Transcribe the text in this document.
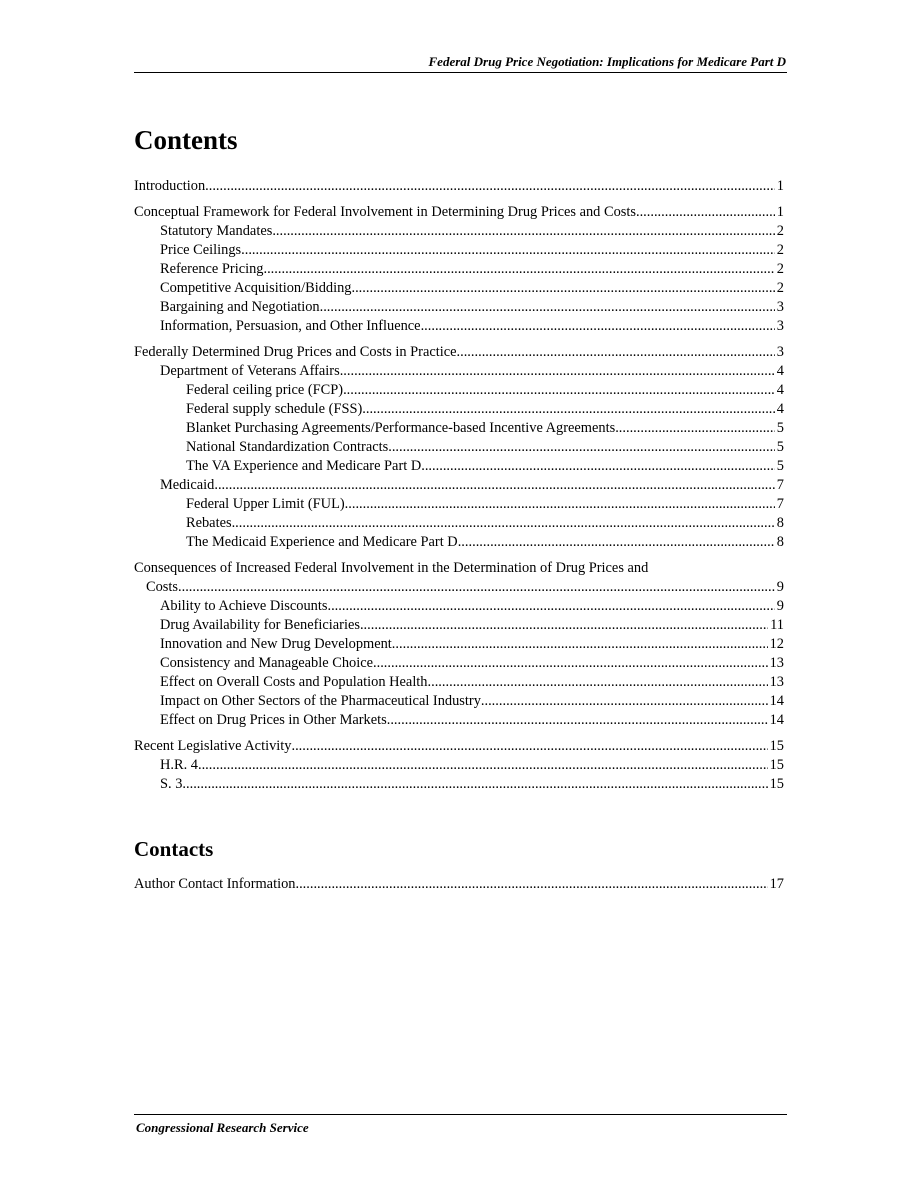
Federal Drug Price Negotiation: Implications for Medicare Part D
Contents
Introduction .....	1
Conceptual Framework for Federal Involvement in Determining Drug Prices and Costs .....	1
Statutory Mandates .....	2
Price Ceilings .....	2
Reference Pricing .....	2
Competitive Acquisition/Bidding .....	2
Bargaining and Negotiation .....	3
Information, Persuasion, and Other Influence .....	3
Federally Determined Drug Prices and Costs in Practice .....	3
Department of Veterans Affairs .....	4
Federal ceiling price (FCP) .....	4
Federal supply schedule (FSS) .....	4
Blanket Purchasing Agreements/Performance-based Incentive Agreements .....	5
National Standardization Contracts .....	5
The VA Experience and Medicare Part D .....	5
Medicaid .....	7
Federal Upper Limit (FUL) .....	7
Rebates .....	8
The Medicaid Experience and Medicare Part D .....	8
Consequences of Increased Federal Involvement in the Determination of Drug Prices and
Costs .....	9
Ability to Achieve Discounts .....	9
Drug Availability for Beneficiaries .....	11
Innovation and New Drug Development .....	12
Consistency and Manageable Choice .....	13
Effect on Overall Costs and Population Health .....	13
Impact on Other Sectors of the Pharmaceutical Industry .....	14
Effect on Drug Prices in Other Markets .....	14
Recent Legislative Activity .....	15
H.R. 4 .....	15
S. 3 .....	15
Contacts
Author Contact Information .....	17
Congressional Research Service
